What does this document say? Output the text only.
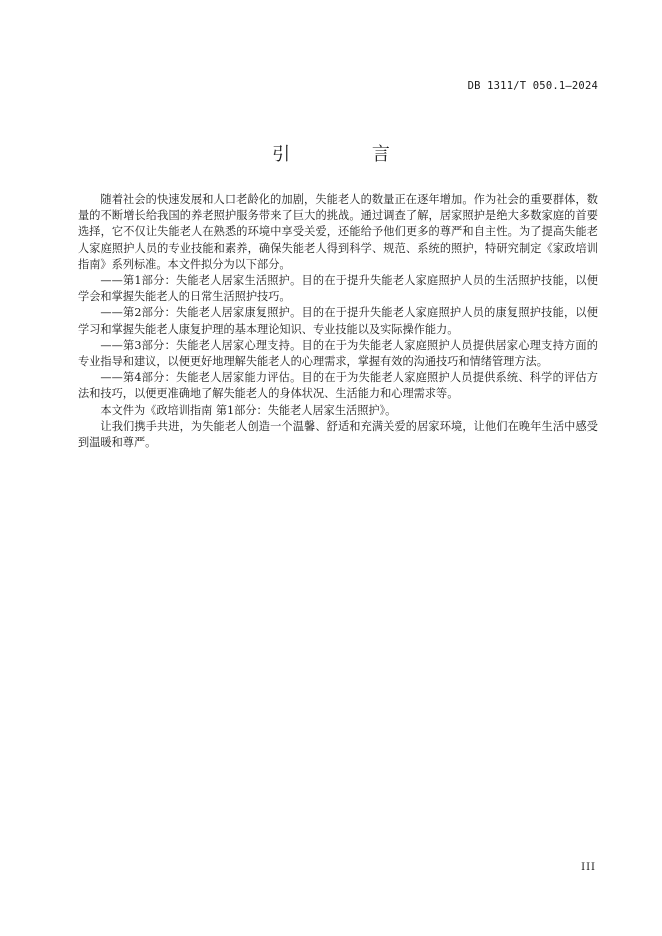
DB 1311/T 050.1—2024
引 言

随着社会的快速发展和人口老龄化的加剧，失能老人的数量正在逐年增加。作为社会的重要群体，数量的不断增长给我国的养老照护服务带来了巨大的挑战。通过调查了解，居家照护是绝大多数家庭的首要选择，它不仅让失能老人在熟悉的环境中享受关爱，还能给予他们更多的尊严和自主性。为了提高失能老人家庭照护人员的专业技能和素养，确保失能老人得到科学、规范、系统的照护，特研究制定《家政培训指南》系列标准。本文件拟分为以下部分。

——第1部分：失能老人居家生活照护。目的在于提升失能老人家庭照护人员的生活照护技能，以便学会和掌握失能老人的日常生活照护技巧。

——第2部分：失能老人居家康复照护。目的在于提升失能老人家庭照护人员的康复照护技能，以便学习和掌握失能老人康复护理的基本理论知识、专业技能以及实际操作能力。

——第3部分：失能老人居家心理支持。目的在于为失能老人家庭照护人员提供居家心理支持方面的专业指导和建议，以便更好地理解失能老人的心理需求，掌握有效的沟通技巧和情绪管理方法。

——第4部分：失能老人居家能力评估。目的在于为失能老人家庭照护人员提供系统、科学的评估方法和技巧，以便更准确地了解失能老人的身体状况、生活能力和心理需求等。

本文件为《政培训指南 第1部分：失能老人居家生活照护》。

让我们携手共进，为失能老人创造一个温馨、舒适和充满关爱的居家环境，让他们在晚年生活中感受到温暖和尊严。

III
